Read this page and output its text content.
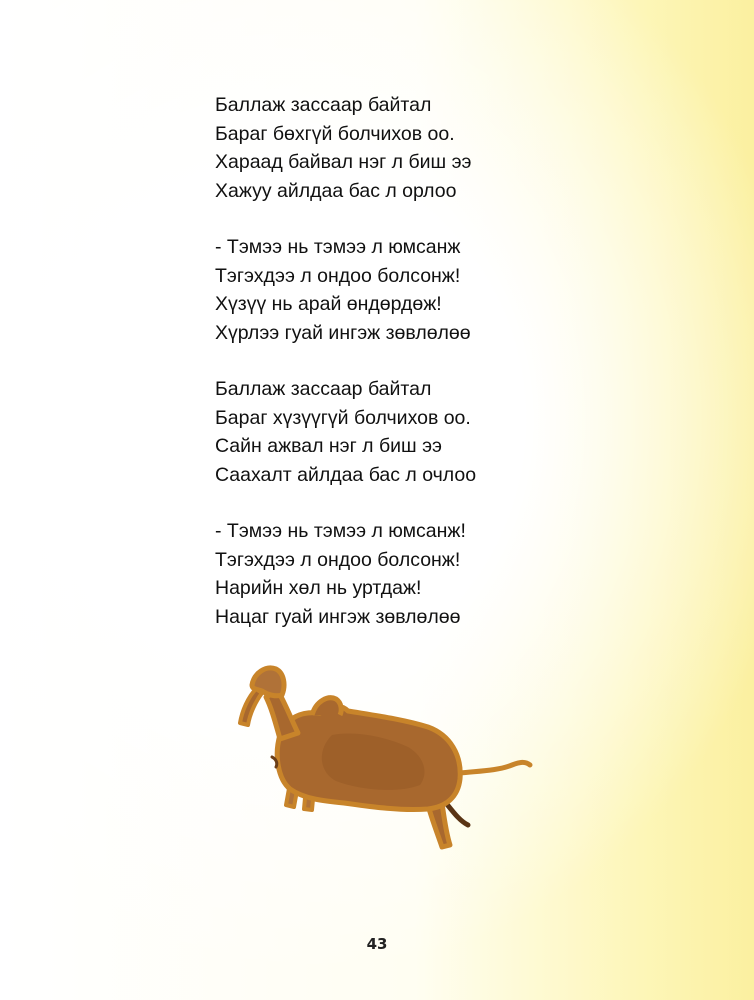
Баллаж зассаар байтал
Бараг бөхгүй болчихов оо.
Хараад байвал нэг л биш ээ
Хажуу айлдаа бас л орлоо
- Тэмээ нь тэмээ л юмсанж
Тэгэхдээ л ондоо болсонж!
Хүзүү нь арай өндөрдөж!
Хүрлээ гуай ингэж зөвлөлөө
Баллаж зассаар байтал
Бараг хүзүүгүй болчихов оо.
Сайн ажвал нэг л биш ээ
Саахалт айлдаа бас л очлоо
- Тэмээ нь тэмээ л юмсанж!
Тэгэхдээ л ондоо болсонж!
Нарийн хөл нь уртдаж!
Нацаг гуай ингэж зөвлөлөө
43
